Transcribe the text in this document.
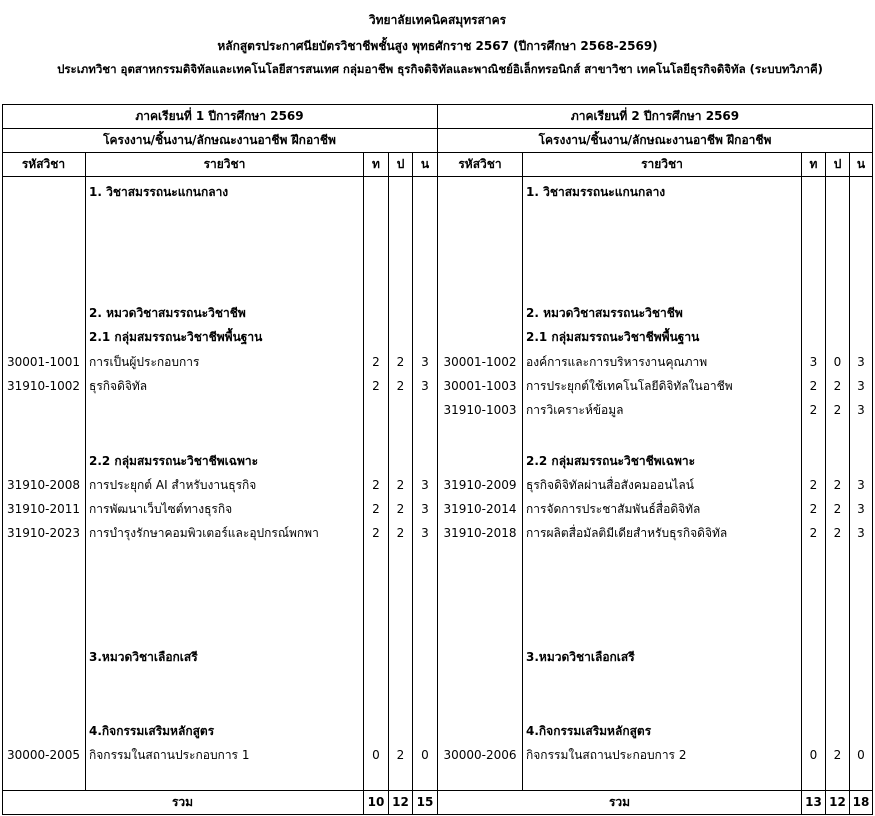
วิทยาลัยเทคนิคสมุทรสาคร
หลักสูตรประกาศนียบัตรวิชาชีพชั้นสูง พุทธศักราช 2567 (ปีการศึกษา 2568-2569)
ประเภทวิชา อุตสาหกรรมดิจิทัลและเทคโนโลยีสารสนเทศ กลุ่มอาชีพ ธุรกิจดิจิทัลและพาณิชย์อิเล็กทรอนิกส์ สาขาวิชา เทคโนโลยีธุรกิจดิจิทัล (ระบบทวิภาคี)
ภาคเรียนที่ 1 ปีการศึกษา 2569
โครงงาน/ชิ้นงาน/ลักษณะงานอาชีพ ฝึกอาชีพ
รหัสวิชา	รายวิชา	ท	ป	น
1. วิชาสมรรถนะแกนกลาง
2. หมวดวิชาสมรรถนะวิชาชีพ
2.1 กลุ่มสมรรถนะวิชาชีพพื้นฐาน
30001-1001 การเป็นผู้ประกอบการ	2	2	3
31910-1002 ธุรกิจดิจิทัล	2	2	3
2.2 กลุ่มสมรรถนะวิชาชีพเฉพาะ
31910-2008 การประยุกต์ AI สำหรับงานธุรกิจ	2	2	3
31910-2011 การพัฒนาเว็บไซต์ทางธุรกิจ	2	2	3
31910-2023 การบำรุงรักษาคอมพิวเตอร์และอุปกรณ์พกพา	2	2	3
3.หมวดวิชาเลือกเสรี
4.กิจกรรมเสริมหลักสูตร
30000-2005 กิจกรรมในสถานประกอบการ 1	0	2	0
รวม	10 12 15
ภาคเรียนที่ 2 ปีการศึกษา 2569
โครงงาน/ชิ้นงาน/ลักษณะงานอาชีพ ฝึกอาชีพ
รหัสวิชา	รายวิชา	ท	ป	น
1. วิชาสมรรถนะแกนกลาง
2. หมวดวิชาสมรรถนะวิชาชีพ
2.1 กลุ่มสมรรถนะวิชาชีพพื้นฐาน
30001-1002 องค์การและการบริหารงานคุณภาพ	3	0	3
30001-1003 การประยุกต์ใช้เทคโนโลยีดิจิทัลในอาชีพ	2	2	3
31910-1003 การวิเคราะห์ข้อมูล	2	2	3
2.2 กลุ่มสมรรถนะวิชาชีพเฉพาะ
31910-2009 ธุรกิจดิจิทัลผ่านสื่อสังคมออนไลน์	2	2	3
31910-2014 การจัดการประชาสัมพันธ์สื่อดิจิทัล	2	2	3
31910-2018 การผลิตสื่อมัลติมีเดียสำหรับธุรกิจดิจิทัล	2	2	3
3.หมวดวิชาเลือกเสรี
4.กิจกรรมเสริมหลักสูตร
30000-2006 กิจกรรมในสถานประกอบการ 2	0	2	0
รวม	13 12 18
